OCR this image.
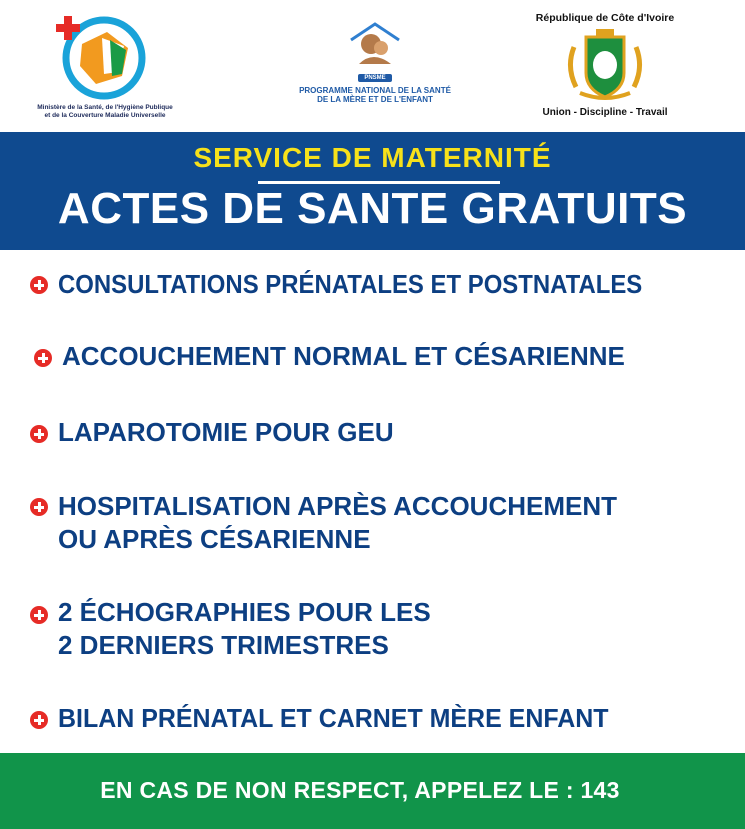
Ministère de la Santé, de l'Hygiène Publique
et de la Couverture Maladie Universelle
PNSME
PROGRAMME NATIONAL DE LA SANTÉ
DE LA MÈRE ET DE L'ENFANT
République de Côte d'Ivoire
Union - Discipline - Travail
SERVICE DE MATERNITÉ
ACTES DE SANTE GRATUITS
CONSULTATIONS PRÉNATALES ET POSTNATALES
ACCOUCHEMENT NORMAL ET CÉSARIENNE
LAPAROTOMIE POUR GEU
HOSPITALISATION APRÈS ACCOUCHEMENT
OU APRÈS CÉSARIENNE
2 ÉCHOGRAPHIES POUR LES
2 DERNIERS TRIMESTRES
BILAN PRÉNATAL ET CARNET MÈRE ENFANT
EN CAS DE NON RESPECT, APPELEZ LE : 143
